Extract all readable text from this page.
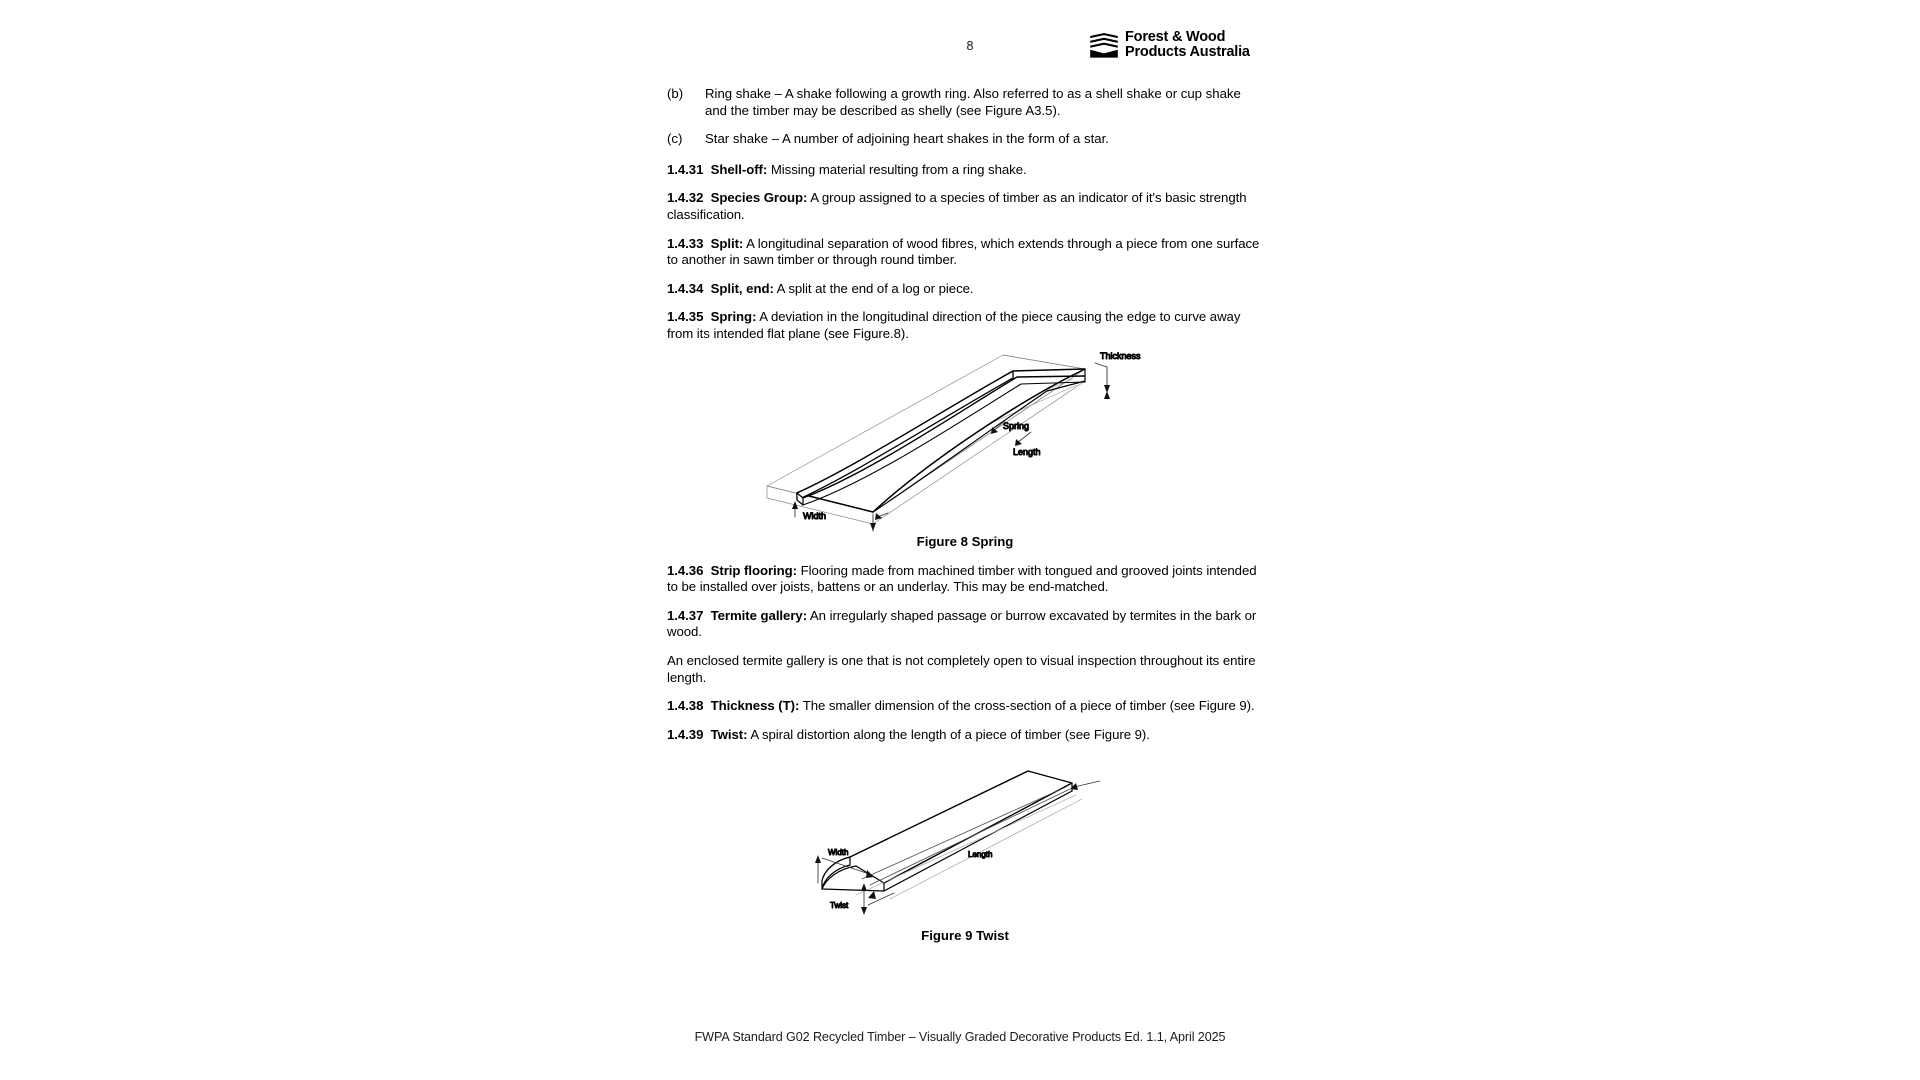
8
Forest & Wood
Products Australia
(b)	Ring shake – A shake following a growth ring. Also referred to as a shell shake or cup shake and the timber may be described as shelly (see Figure A3.5).
(c)	Star shake – A number of adjoining heart shakes in the form of a star.

1.4.31 Shell-off: Missing material resulting from a ring shake.

1.4.32 Species Group: A group assigned to a species of timber as an indicator of it's basic strength classification.

1.4.33 Split: A longitudinal separation of wood fibres, which extends through a piece from one surface to another in sawn timber or through round timber.

1.4.34 Split, end: A split at the end of a log or piece.

1.4.35 Spring: A deviation in the longitudinal direction of the piece causing the edge to curve away from its intended flat plane (see Figure.8).

Thickness
Spring
Length
Width
Figure 8 Spring

1.4.36 Strip flooring: Flooring made from machined timber with tongued and grooved joints intended to be installed over joists, battens or an underlay. This may be end-matched.

1.4.37 Termite gallery: An irregularly shaped passage or burrow excavated by termites in the bark or wood.

An enclosed termite gallery is one that is not completely open to visual inspection throughout its entire length.

1.4.38 Thickness (T): The smaller dimension of the cross-section of a piece of timber (see Figure 9).

1.4.39 Twist: A spiral distortion along the length of a piece of timber (see Figure 9).

Width	Length
Twist
Figure 9 Twist
FWPA Standard G02 Recycled Timber – Visually Graded Decorative Products Ed. 1.1, April 2025
